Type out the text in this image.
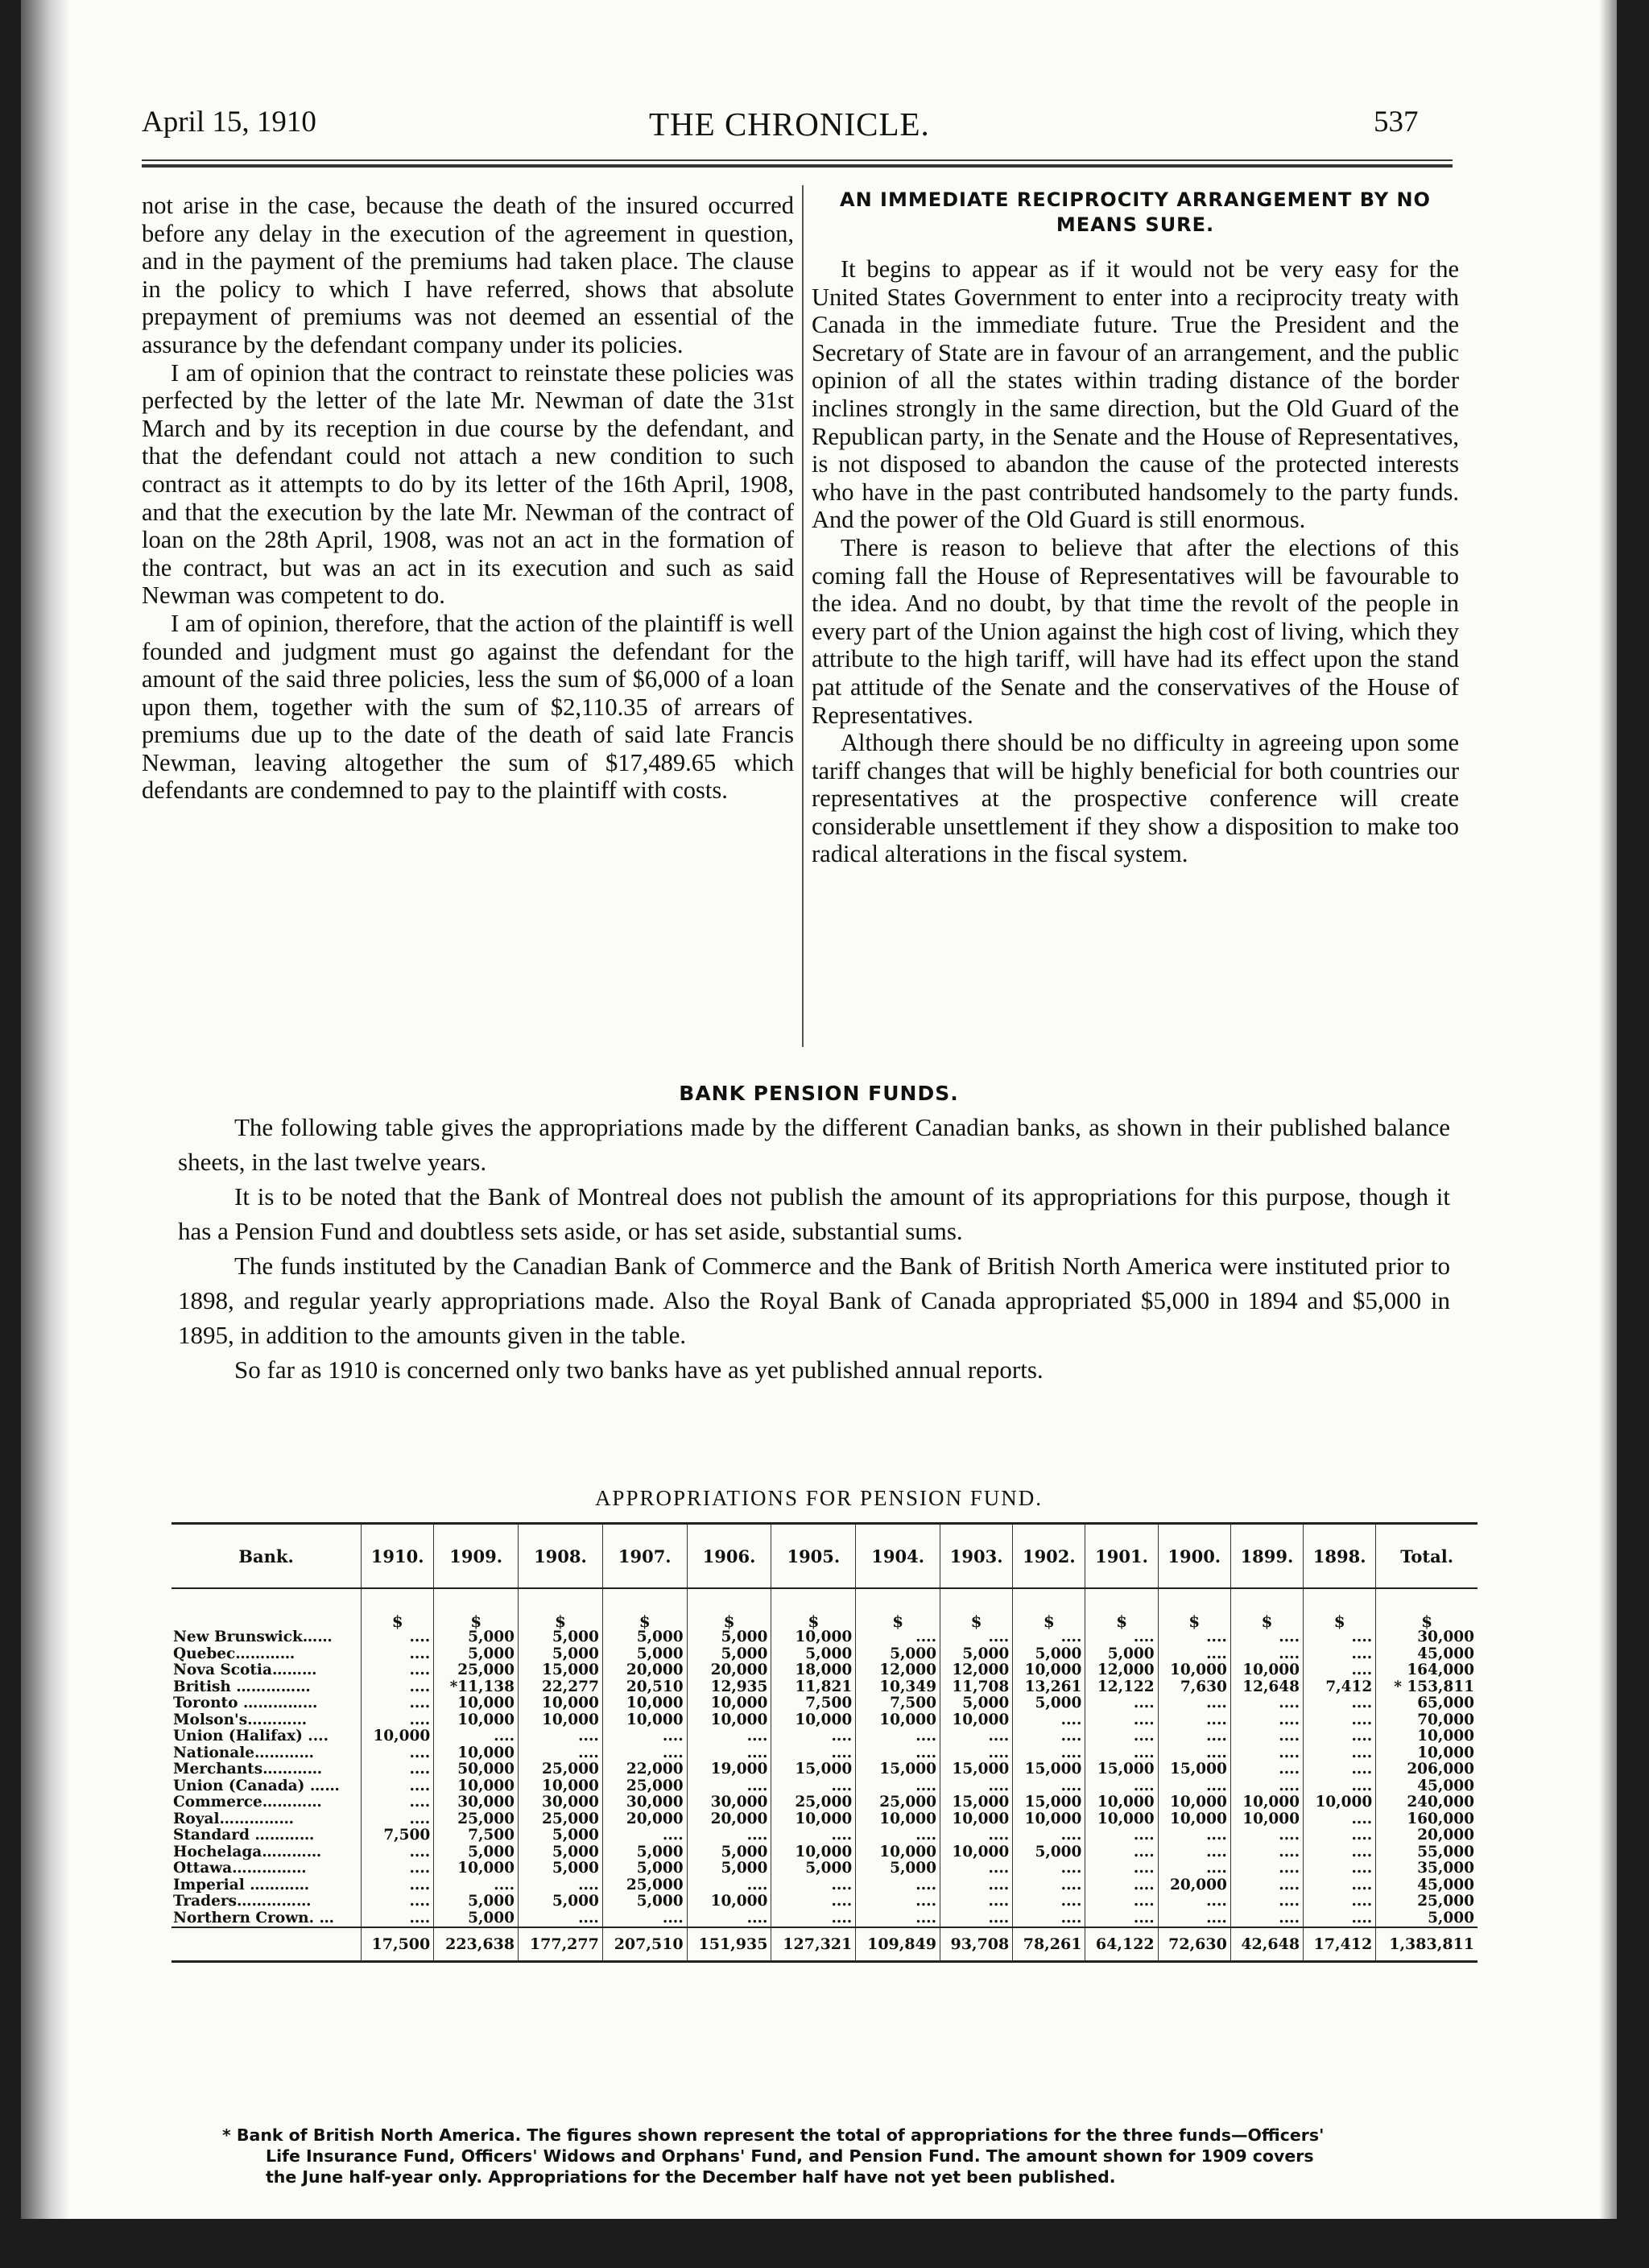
April 15, 1910	THE CHRONICLE.	537

not arise in the case, because the death of the insured occurred before any delay in the execution of the agreement in question, and in the payment of the premiums had taken place. The clause in the policy to which I have referred, shows that absolute prepayment of premiums was not deemed an essential of the assurance by the defendant company under its policies.

I am of opinion that the contract to reinstate these policies was perfected by the letter of the late Mr. Newman of date the 31st March and by its reception in due course by the defendant, and that the defendant could not attach a new condition to such contract as it attempts to do by its letter of the 16th April, 1908, and that the execution by the late Mr. Newman of the contract of loan on the 28th April, 1908, was not an act in the formation of the contract, but was an act in its execution and such as said Newman was competent to do.

I am of opinion, therefore, that the action of the plaintiff is well founded and judgment must go against the defendant for the amount of the said three policies, less the sum of $6,000 of a loan upon them, together with the sum of $2,110.35 of arrears of premiums due up to the date of the death of said late Francis Newman, leaving altogether the sum of $17,489.65 which defendants are condemned to pay to the plaintiff with costs.

AN IMMEDIATE RECIPROCITY ARRANGEMENT BY NO MEANS SURE.

It begins to appear as if it would not be very easy for the United States Government to enter into a reciprocity treaty with Canada in the immediate future. True the President and the Secretary of State are in favour of an arrangement, and the public opinion of all the states within trading distance of the border inclines strongly in the same direction, but the Old Guard of the Republican party, in the Senate and the House of Representatives, is not disposed to abandon the cause of the protected interests who have in the past contributed handsomely to the party funds. And the power of the Old Guard is still enormous.

There is reason to believe that after the elections of this coming fall the House of Representatives will be favourable to the idea. And no doubt, by that time the revolt of the people in every part of the Union against the high cost of living, which they attribute to the high tariff, will have had its effect upon the stand pat attitude of the Senate and the conservatives of the House of Representatives.

Although there should be no difficulty in agreeing upon some tariff changes that will be highly beneficial for both countries our representatives at the prospective conference will create considerable unsettlement if they show a disposition to make too radical alterations in the fiscal system.

BANK PENSION FUNDS.

The following table gives the appropriations made by the different Canadian banks, as shown in their published balance sheets, in the last twelve years.

It is to be noted that the Bank of Montreal does not publish the amount of its appropriations for this purpose, though it has a Pension Fund and doubtless sets aside, or has set aside, substantial sums.

The funds instituted by the Canadian Bank of Commerce and the Bank of British North America were instituted prior to 1898, and regular yearly appropriations made. Also the Royal Bank of Canada appropriated $5,000 in 1894 and $5,000 in 1895, in addition to the amounts given in the table.

So far as 1910 is concerned only two banks have as yet published annual reports.

APPROPRIATIONS FOR PENSION FUND.
Bank.	1910.	1909.	1908.	1907.	1906.	1905.	1904.	1903.	1902.	1901.	1900.	1899.	1898.	Total.
	$	$	$	$	$	$	$	$	$	$	$	$	$	$
New Brunswick……	....	5,000	5,000	5,000	5,000	10,000	....	....	....	....	....	....	....	30,000
Quebec…………	....	5,000	5,000	5,000	5,000	5,000	5,000	5,000	5,000	5,000	....	....	....	45,000
Nova Scotia………	....	25,000	15,000	20,000	20,000	18,000	12,000	12,000	10,000	12,000	10,000	10,000	....	164,000
British ……………	....	*11,138	22,277	20,510	12,935	11,821	10,349	11,708	13,261	12,122	7,630	12,648	7,412	* 153,811
Toronto ……………	....	10,000	10,000	10,000	10,000	7,500	7,500	5,000	5,000	....	....	....	....	65,000
Molson's…………	....	10,000	10,000	10,000	10,000	10,000	10,000	10,000	....	....	....	....	....	70,000
Union (Halifax) ....	10,000	....	....	....	....	....	....	....	....	....	....	....	....	10,000
Nationale…………	....	10,000	....	....	....	....	....	....	....	....	....	....	....	10,000
Merchants…………	....	50,000	25,000	22,000	19,000	15,000	15,000	15,000	15,000	15,000	15,000	....	....	206,000
Union (Canada) ……	....	10,000	10,000	25,000	....	....	....	....	....	....	....	....	....	45,000
Commerce…………	....	30,000	30,000	30,000	30,000	25,000	25,000	15,000	15,000	10,000	10,000	10,000	10,000	240,000
Royal……………	....	25,000	25,000	20,000	20,000	10,000	10,000	10,000	10,000	10,000	10,000	10,000	....	160,000
Standard …………	7,500	7,500	5,000	....	....	....	....	....	....	....	....	....	....	20,000
Hochelaga…………	....	5,000	5,000	5,000	5,000	10,000	10,000	10,000	5,000	....	....	....	....	55,000
Ottawa……………	....	10,000	5,000	5,000	5,000	5,000	5,000	....	....	....	....	....	....	35,000
Imperial …………	....	....	....	25,000	....	....	....	....	....	....	20,000	....	....	45,000
Traders……………	....	5,000	5,000	5,000	10,000	....	....	....	....	....	....	....	....	25,000
Northern Crown. …	....	5,000	....	....	....	....	....	....	....	....	....	....	....	5,000
	17,500	223,638	177,277	207,510	151,935	127,321	109,849	93,708	78,261	64,122	72,630	42,648	17,412	1,383,811
* Bank of British North America. The figures shown represent the total of appropriations for the three funds—Officers'
Life Insurance Fund, Officers' Widows and Orphans' Fund, and Pension Fund. The amount shown for 1909 covers
the June half-year only. Appropriations for the December half have not yet been published.
